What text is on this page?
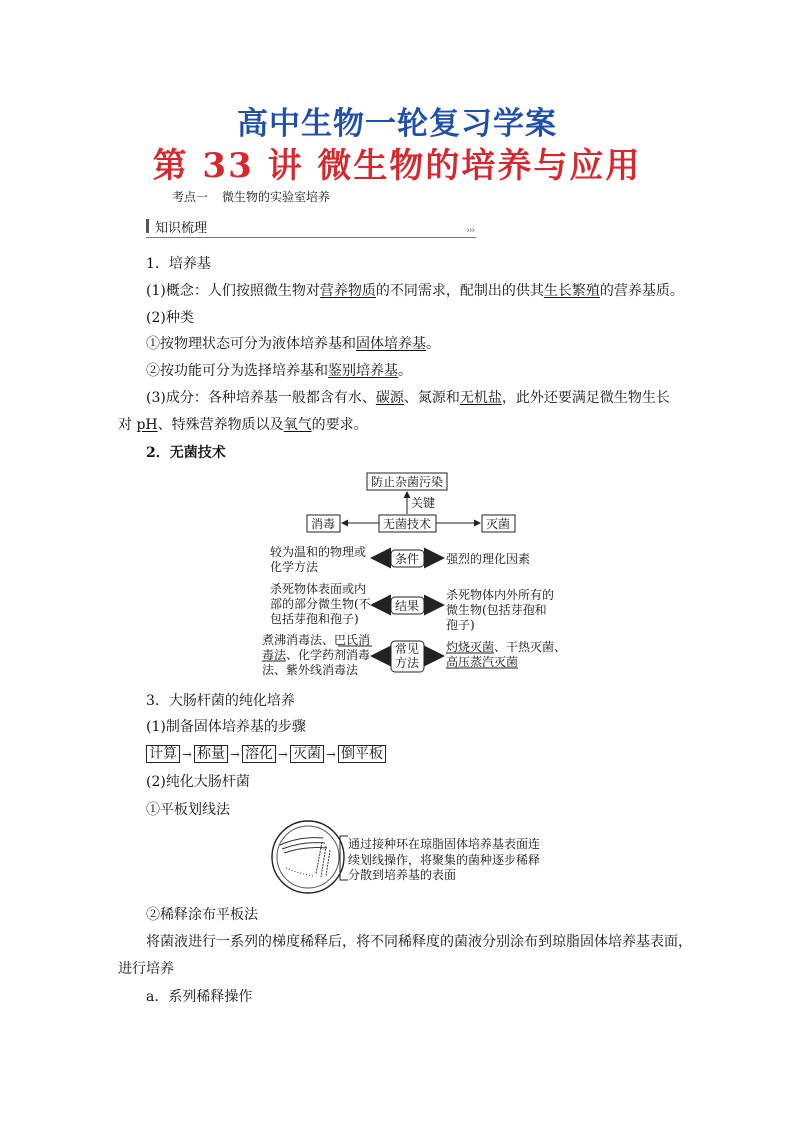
高中生物一轮复习学案
第 33 讲 微生物的培养与应用
考点一 微生物的实验室培养
知识梳理	›››
1．培养基
(1)概念：人们按照微生物对营养物质的不同需求，配制出的供其生长繁殖的营养基质。
(2)种类
①按物理状态可分为液体培养基和固体培养基。
②按功能可分为选择培养基和鉴别培养基。
(3)成分：各种培养基一般都含有水、碳源、氮源和无机盐，此外还要满足微生物生长
对 pH、特殊营养物质以及氧气的要求。
2．无菌技术
防止杂菌污染
关键
无菌技术
消毒	灭菌
较为温和的物理或
化学方法
条件 强烈的理化因素
杀死物体表面或内
部的部分微生物(不
包括芽孢和孢子)
结果
杀死物体内外所有的
微生物(包括芽孢和
孢子)
煮沸消毒法、巴氏消
毒法、化学药剂消毒
法、紫外线消毒法
常见
方法
灼烧灭菌、干热灭菌、
高压蒸汽灭菌
通过接种环在琼脂固体培养基表面连
续划线操作，将聚集的菌种逐步稀释
分散到培养基的表面
3．大肠杆菌的纯化培养
(1)制备固体培养基的步骤
计算 → 称量 → 溶化 → 灭菌 → 倒平板
(2)纯化大肠杆菌
①平板划线法
②稀释涂布平板法
将菌液进行一系列的梯度稀释后，将不同稀释度的菌液分别涂布到琼脂固体培养基表面，
进行培养
a．系列稀释操作
